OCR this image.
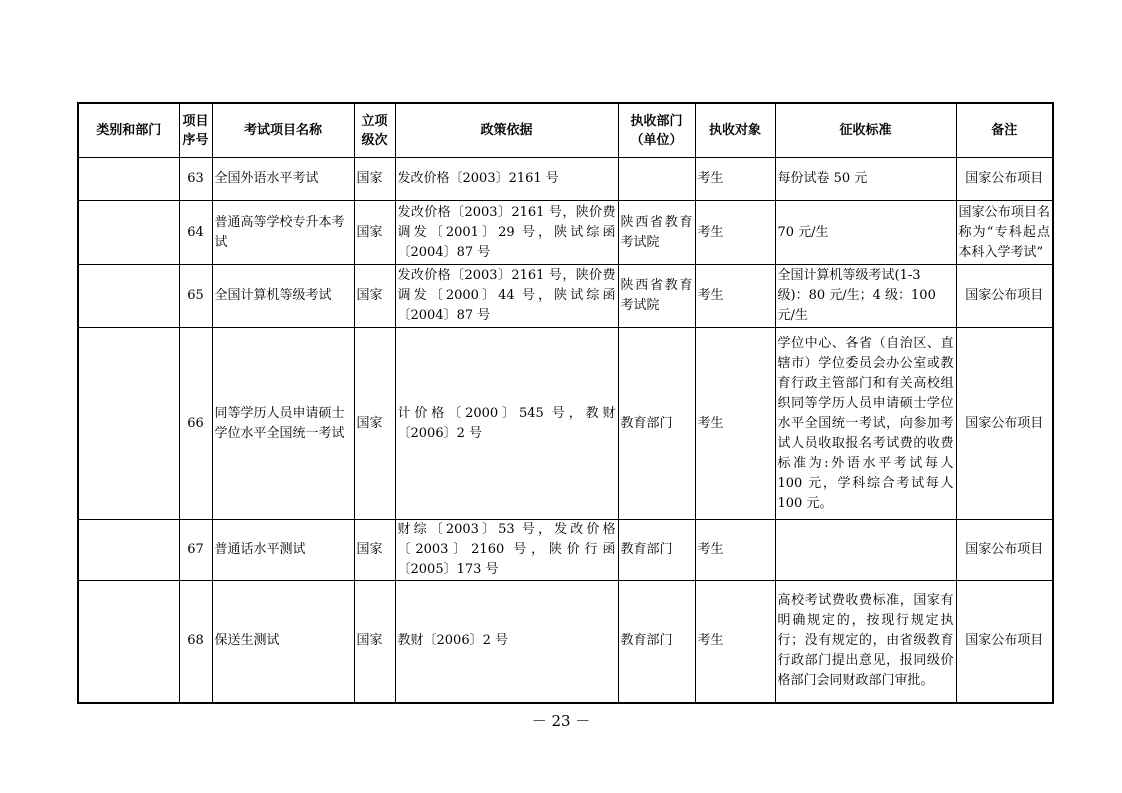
类别和部门	项目序号	考试项目名称	立项级次	政策依据	执收部门（单位）	执收对象	征收标准	备注
	63	全国外语水平考试	国家	发改价格〔2003〕2161 号		考生	每份试卷 50 元	国家公布项目
	64	普通高等学校专升本考试	国家	发改价格〔2003〕2161 号，陕价费调发〔2001〕29 号，陕试综函〔2004〕87 号	陕西省教育考试院	考生	70 元/生	国家公布项目名称为“专科起点本科入学考试”
	65	全国计算机等级考试	国家	发改价格〔2003〕2161 号，陕价费调发〔2000〕44 号，陕试综函〔2004〕87 号	陕西省教育考试院	考生	全国计算机等级考试(1-3 级)：80 元/生；4 级：100 元/生	国家公布项目
	66	同等学历人员申请硕士学位水平全国统一考试	国家	计价格〔2000〕545 号，教财〔2006〕2 号	教育部门	考生	学位中心、各省（自治区、直辖市）学位委员会办公室或教育行政主管部门和有关高校组织同等学历人员申请硕士学位水平全国统一考试，向参加考试人员收取报名考试费的收费标准为:外语水平考试每人 100 元，学科综合考试每人 100 元。	国家公布项目
	67	普通话水平测试	国家	财综〔2003〕53 号，发改价格〔2003〕2160 号，陕价行函〔2005〕173 号	教育部门	考生		国家公布项目
	68	保送生测试	国家	教财〔2006〕2 号	教育部门	考生	高校考试费收费标准，国家有明确规定的，按现行规定执行；没有规定的，由省级教育行政部门提出意见，报同级价格部门会同财政部门审批。	国家公布项目
－ 23 －
